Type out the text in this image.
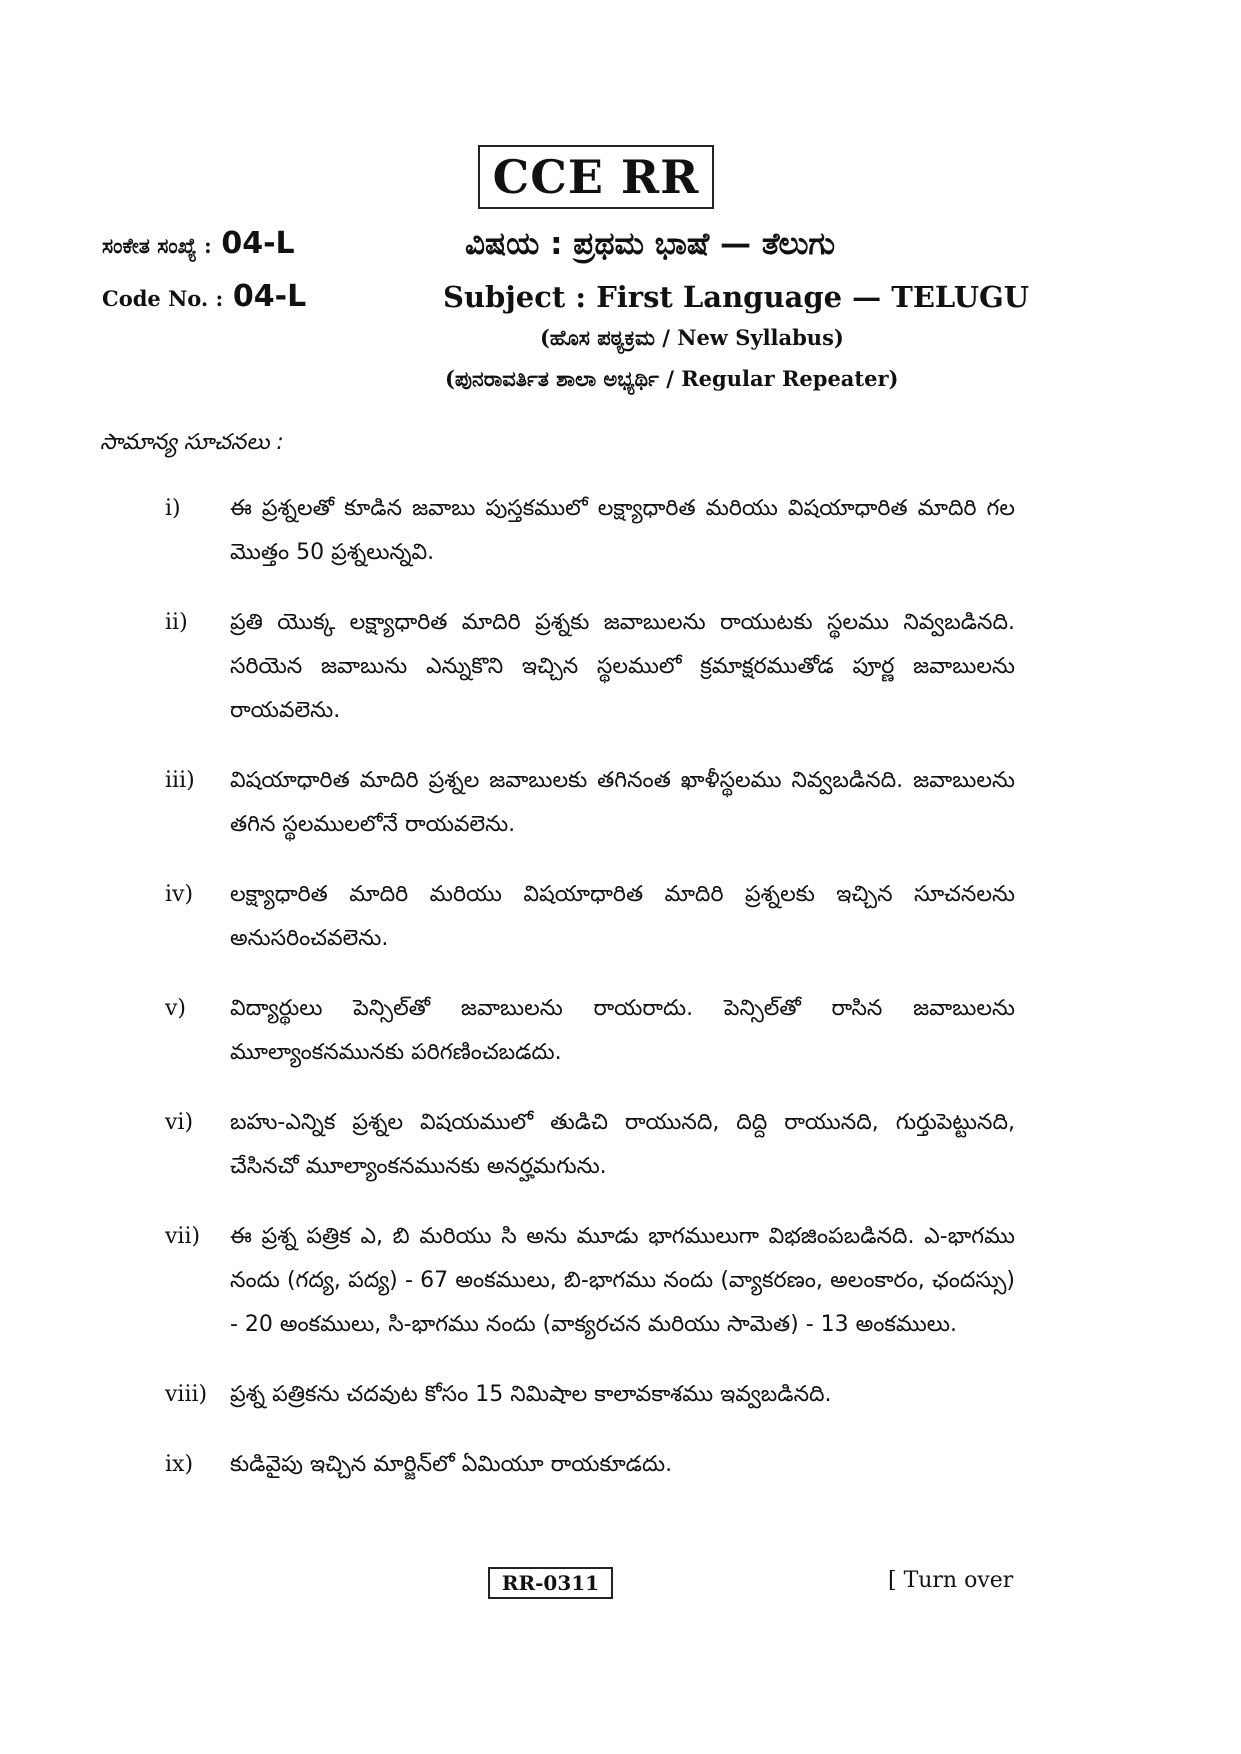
CCE RR
ಸಂಕೇತ ಸಂಖ್ಯೆ : 04-L
Code No. : 04-L
ವಿಷಯ : ಪ್ರಥಮ ಭಾಷೆ — ತೆಲುಗು
Subject : First Language — TELUGU
(ಹೊಸ ಪಠ್ಯಕ್ರಮ / New Syllabus)
(ಪುನರಾವರ್ತಿತ ಶಾಲಾ ಅಭ್ಯರ್ಥಿ / Regular Repeater)
సామాన్య సూచనలు :
i)	ఈ ప్రశ్నలతో కూడిన జవాబు పుస్తకములో లక్ష్యాధారిత మరియు విషయాధారిత మాదిరి గల మొత్తం 50 ప్రశ్నలున్నవి.
ii)	ప్రతి యొక్క లక్ష్యాధారిత మాదిరి ప్రశ్నకు జవాబులను రాయుటకు స్థలము నివ్వబడినది. సరియెన జవాబును ఎన్నుకొని ఇచ్చిన స్థలములో క్రమాక్షరముతోడ పూర్ణ జవాబులను రాయవలెను.
iii)	విషయాధారిత మాదిరి ప్రశ్నల జవాబులకు తగినంత ఖాళీస్థలము నివ్వబడినది. జవాబులను తగిన స్థలములలోనే రాయవలెను.
iv)	లక్ష్యాధారిత మాదిరి మరియు విషయాధారిత మాదిరి ప్రశ్నలకు ఇచ్చిన సూచనలను అనుసరించవలెను.
v)	విద్యార్థులు పెన్సిల్‌తో జవాబులను రాయరాదు. పెన్సిల్‌తో రాసిన జవాబులను మూల్యాంకనమునకు పరిగణించబడదు.
vi)	బహు-ఎన్నిక ప్రశ్నల విషయములో తుడిచి రాయునది, దిద్ది రాయునది, గుర్తుపెట్టునది, చేసినచో మూల్యాంకనమునకు అనర్హమగును.
vii)	ఈ ప్రశ్న పత్రిక ఎ, బి మరియు సి అను మూడు భాగములుగా విభజింపబడినది. ఎ-భాగము నందు (గద్య, పద్య) - 67 అంకములు, బి-భాగము నందు (వ్యాకరణం, అలంకారం, ఛందస్సు) - 20 అంకములు, సి-భాగము నందు (వాక్యరచన మరియు సామెత) - 13 అంకములు.
viii)	ప్రశ్న పత్రికను చదవుట కోసం 15 నిమిషాల కాలావకాశము ఇవ్వబడినది.
ix)	కుడివైపు ఇచ్చిన మార్జిన్‌లో ఏమియూ రాయకూడదు.
RR-0311	[ Turn over
